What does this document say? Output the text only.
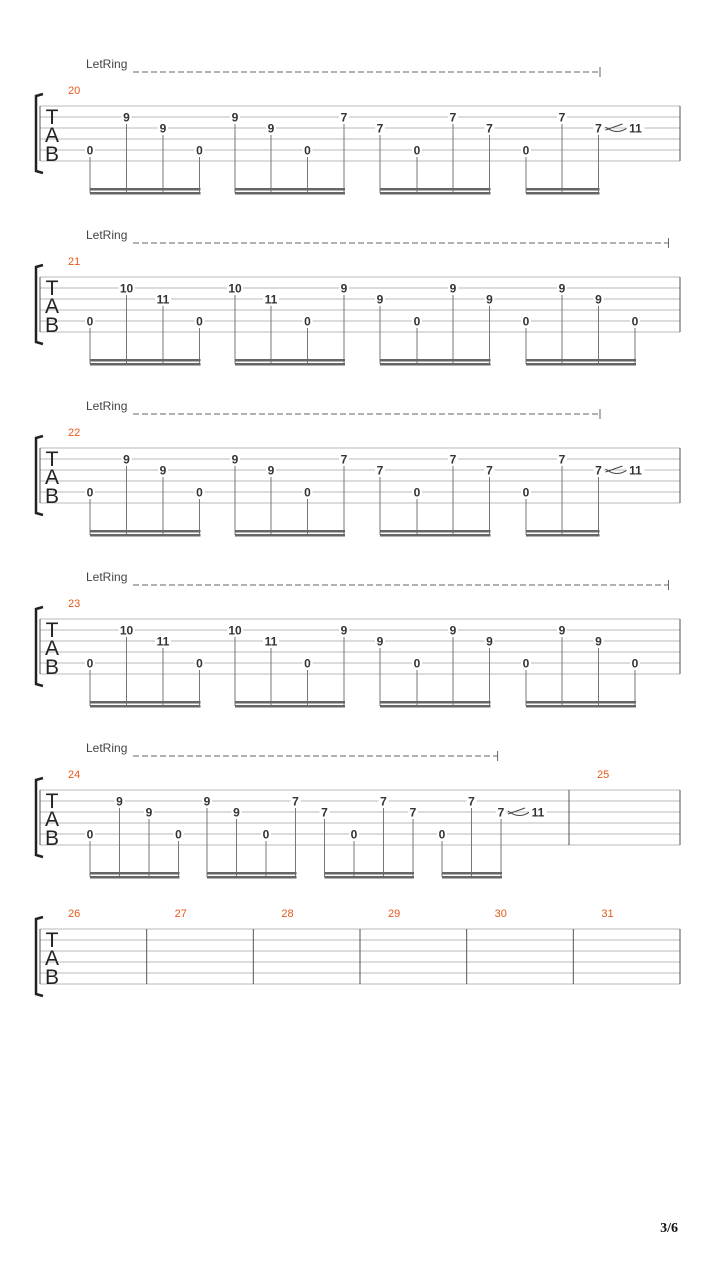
T
A
B
LetRing
20
0
9
9
0
9
9
0
7
7
0
7
7
0
7
7 11
T
A
B
LetRing
21
0
10
11
0
10
11
0
9
9
0
9
9
0
9
9
0
T
A
B
LetRing
22
0
9
9
0
9
9
0
7
7
0
7
7
0
7
7 11
T
A
B
LetRing
23
0
10
11
0
10
11
0
9
9
0
9
9
0
9
9
0
T
A
B
LetRing
24
0
9
9
0
9
9
0
7
7
0
7
7
0
7
7 11
25
T
A
B
26	27	28	29	30	31
3/6
